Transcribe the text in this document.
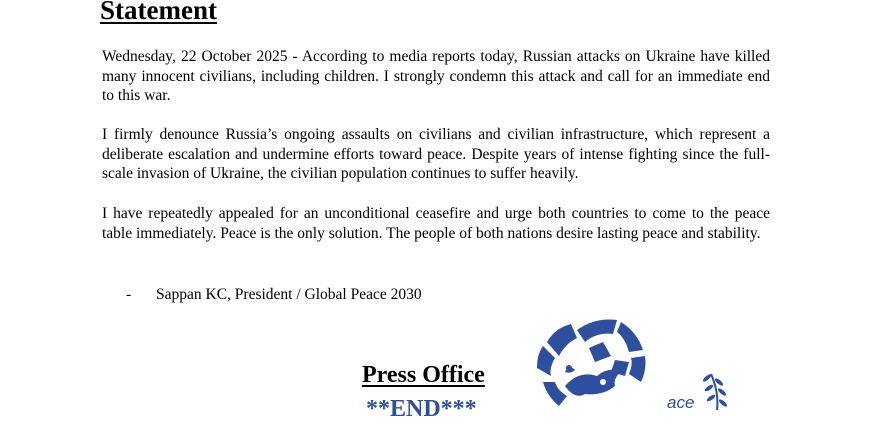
Statement

Wednesday, 22 October 2025 - According to media reports today, Russian attacks on Ukraine have killed many innocent civilians, including children. I strongly condemn this attack and call for an immediate end to this war.

I firmly denounce Russia’s ongoing assaults on civilians and civilian infrastructure, which represent a deliberate escalation and undermine efforts toward peace. Despite years of intense fighting since the full-scale invasion of Ukraine, the civilian population continues to suffer heavily.

I have repeatedly appealed for an unconditional ceasefire and urge both countries to come to the peace table immediately. Peace is the only solution. The people of both nations desire lasting peace and stability.

- Sappan KC, President / Global Peace 2030
Press Office
**END***	ace
